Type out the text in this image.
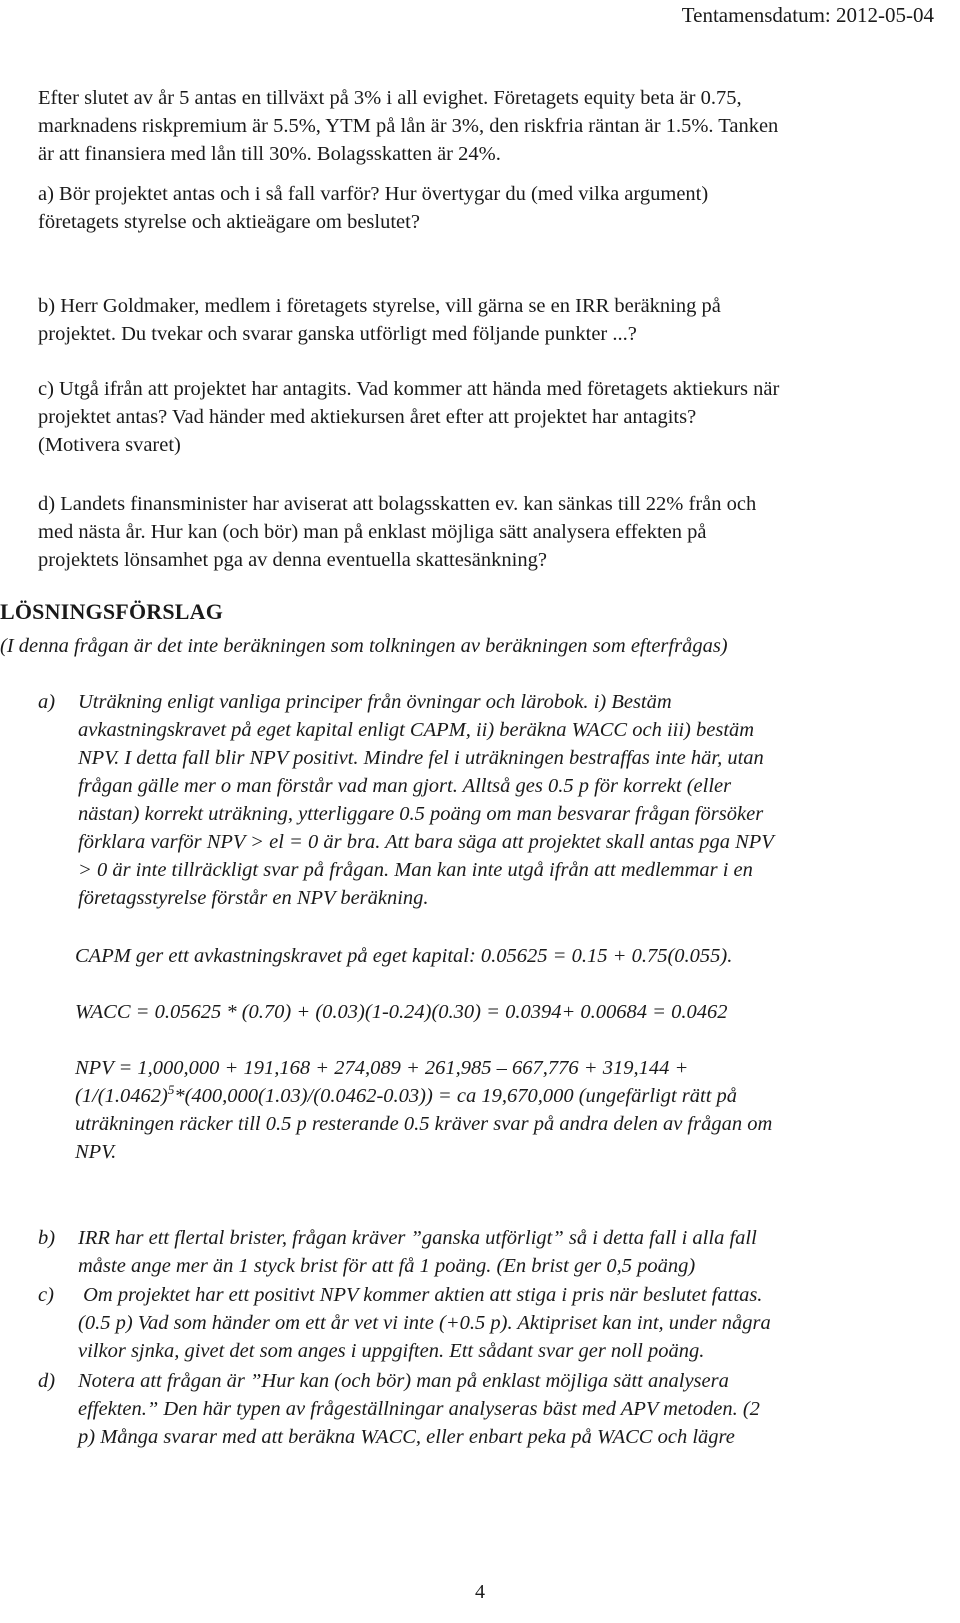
Tentamensdatum: 2012-05-04

Efter slutet av år 5 antas en tillväxt på 3% i all evighet. Företagets equity beta är 0.75,

marknadens riskpremium är 5.5%, YTM på lån är 3%, den riskfria räntan är 1.5%. Tanken

är att finansiera med lån till 30%. Bolagsskatten är 24%.

a) Bör projektet antas och i så fall varför? Hur övertygar du (med vilka argument)

företagets styrelse och aktieägare om beslutet?

b) Herr Goldmaker, medlem i företagets styrelse, vill gärna se en IRR beräkning på

projektet. Du tvekar och svarar ganska utförligt med följande punkter ...?

c) Utgå ifrån att projektet har antagits. Vad kommer att hända med företagets aktiekurs när

projektet antas? Vad händer med aktiekursen året efter att projektet har antagits?

(Motivera svaret)

d) Landets finansminister har aviserat att bolagsskatten ev. kan sänkas till 22% från och

med nästa år. Hur kan (och bör) man på enklast möjliga sätt analysera effekten på

projektets lönsamhet pga av denna eventuella skattesänkning?

LÖSNINGSFÖRSLAG
(I denna frågan är det inte beräkningen som tolkningen av beräkningen som efterfrågas)
a) Uträkning enligt vanliga principer från övningar och lärobok. i) Bestäm

avkastningskravet på eget kapital enligt CAPM, ii) beräkna WACC och iii) bestäm

NPV. I detta fall blir NPV positivt. Mindre fel i uträkningen bestraffas inte här, utan

frågan gälle mer o man förstår vad man gjort. Alltså ges 0.5 p för korrekt (eller

nästan) korrekt uträkning, ytterliggare 0.5 poäng om man besvarar frågan försöker

förklara varför NPV > el = 0 är bra. Att bara säga att projektet skall antas pga NPV

> 0 är inte tillräckligt svar på frågan. Man kan inte utgå ifrån att medlemmar i en

företagsstyrelse förstår en NPV beräkning.

CAPM ger ett avkastningskravet på eget kapital: 0.05625 = 0.15 + 0.75(0.055).
WACC = 0.05625 * (0.70) + (0.03)(1-0.24)(0.30) = 0.0394+ 0.00684 = 0.0462
NPV = 1,000,000 + 191,168 + 274,089 + 261,985 – 667,776 + 319,144 +
($1/(1.0462)^5*(400,000(1.03)/(0.0462-0.03))$ = ca 19,670,000 (ungefärligt rätt på
uträkningen räcker till 0.5 p resterande 0.5 kräver svar på andra delen av frågan om
NPV.
b) IRR har ett flertal brister, frågan kräver ”ganska utförligt” så i detta fall i alla fall

måste ange mer än 1 styck brist för att få 1 poäng. (En brist ger 0,5 poäng)

c) Om projektet har ett positivt NPV kommer aktien att stiga i pris när beslutet fattas.

(0.5 p) Vad som händer om ett år vet vi inte (+0.5 p). Aktipriset kan int, under några

vilkor sjnka, givet det som anges i uppgiften. Ett sådant svar ger noll poäng.

d) Notera att frågan är ”Hur kan (och bör) man på enklast möjliga sätt analysera

effekten.” Den här typen av frågeställningar analyseras bäst med APV metoden. (2

p) Många svarar med att beräkna WACC, eller enbart peka på WACC och lägre

4
